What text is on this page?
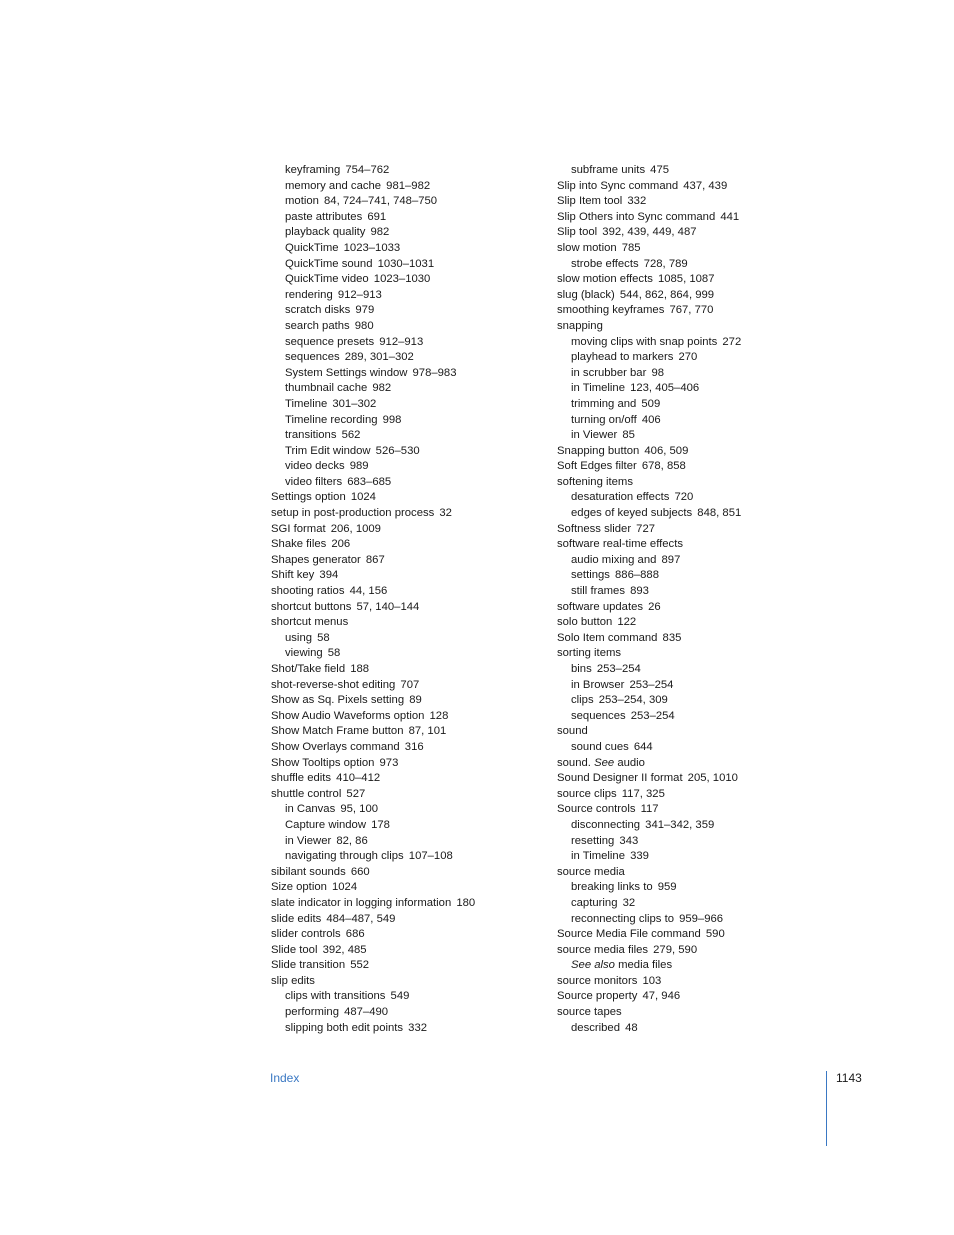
keyframing 754–762
memory and cache 981–982
motion 84, 724–741, 748–750
paste attributes 691
playback quality 982
QuickTime 1023–1033
QuickTime sound 1030–1031
QuickTime video 1023–1030
rendering 912–913
scratch disks 979
search paths 980
sequence presets 912–913
sequences 289, 301–302
System Settings window 978–983
thumbnail cache 982
Timeline 301–302
Timeline recording 998
transitions 562
Trim Edit window 526–530
video decks 989
video filters 683–685
Settings option 1024
setup in post-production process 32
SGI format 206, 1009
Shake files 206
Shapes generator 867
Shift key 394
shooting ratios 44, 156
shortcut buttons 57, 140–144
shortcut menus
using 58
viewing 58
Shot/Take field 188
shot-reverse-shot editing 707
Show as Sq. Pixels setting 89
Show Audio Waveforms option 128
Show Match Frame button 87, 101
Show Overlays command 316
Show Tooltips option 973
shuffle edits 410–412
shuttle control 527
in Canvas 95, 100
Capture window 178
in Viewer 82, 86
navigating through clips 107–108
sibilant sounds 660
Size option 1024
slate indicator in logging information 180
slide edits 484–487, 549
slider controls 686
Slide tool 392, 485
Slide transition 552
slip edits
clips with transitions 549
performing 487–490
slipping both edit points 332
subframe units 475
Slip into Sync command 437, 439
Slip Item tool 332
Slip Others into Sync command 441
Slip tool 392, 439, 449, 487
slow motion 785
strobe effects 728, 789
slow motion effects 1085, 1087
slug (black) 544, 862, 864, 999
smoothing keyframes 767, 770
snapping
moving clips with snap points 272
playhead to markers 270
in scrubber bar 98
in Timeline 123, 405–406
trimming and 509
turning on/off 406
in Viewer 85
Snapping button 406, 509
Soft Edges filter 678, 858
softening items
desaturation effects 720
edges of keyed subjects 848, 851
Softness slider 727
software real-time effects
audio mixing and 897
settings 886–888
still frames 893
software updates 26
solo button 122
Solo Item command 835
sorting items
bins 253–254
in Browser 253–254
clips 253–254, 309
sequences 253–254
sound
sound cues 644
sound. See audio
Sound Designer II format 205, 1010
source clips 117, 325
Source controls 117
disconnecting 341–342, 359
resetting 343
in Timeline 339
source media
breaking links to 959
capturing 32
reconnecting clips to 959–966
Source Media File command 590
source media files 279, 590
See also media files
source monitors 103
Source property 47, 946
source tapes
described 48
Index	1143
